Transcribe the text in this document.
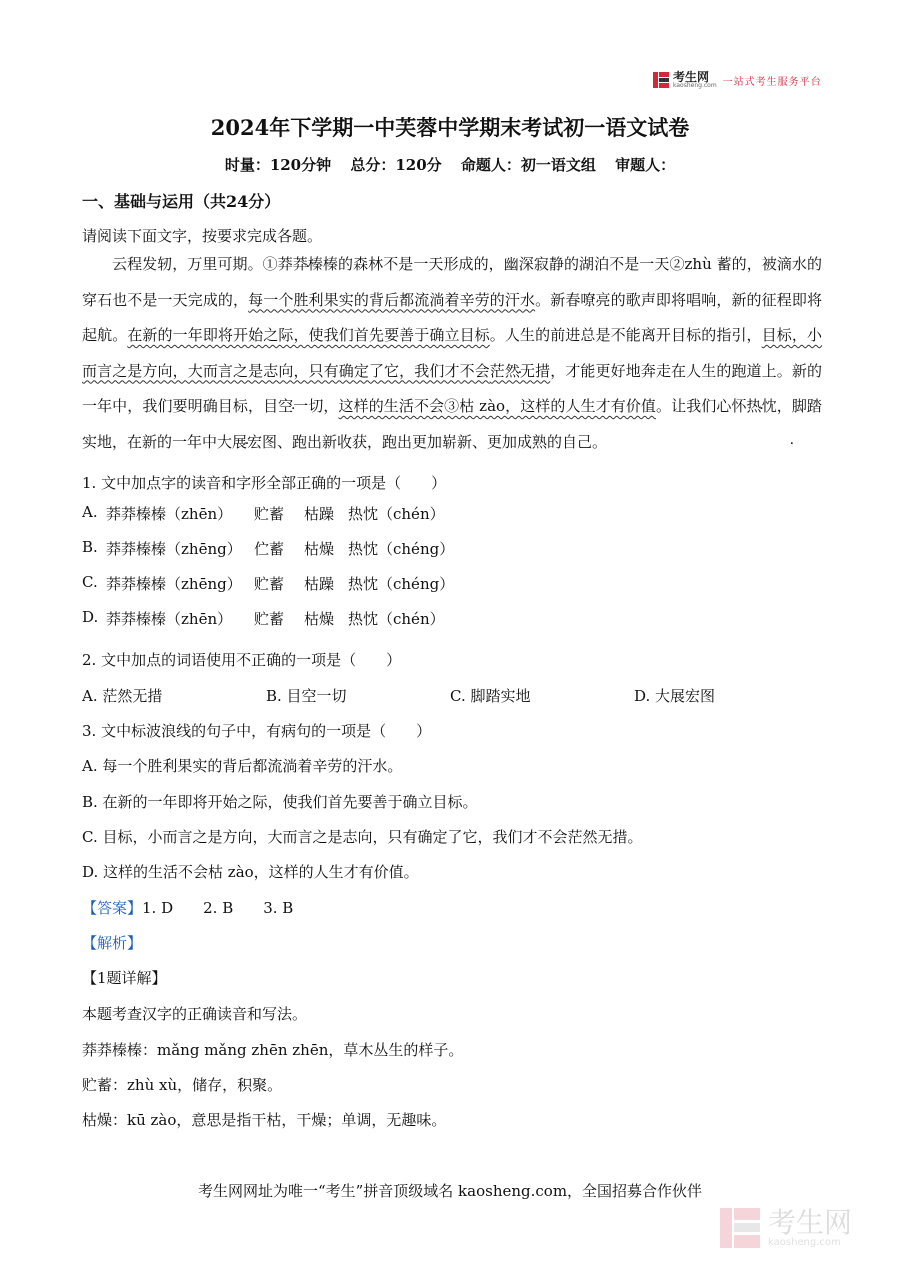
考生网
kaosheng.com 一站式考生服务平台
2024年下学期一中芙蓉中学期末考试初一语文试卷
时量：120分钟 总分：120分 命题人：初一语文组 审题人：
一、基础与运用（共24分）
请阅读下面文字，按要求完成各题。
云程发轫，万里可期。①莽莽榛榛 ·的森林不是一天形成的，幽深寂静的湖泊不是一天②zhù 蓄 ·的，被滴水的穿石也不是一天完成的，每一个胜利果实的背后都流淌着辛劳的汗水。新春嘹亮的歌声即将唱响，新的征程即将起航。在新的一年即将开始之际，使我们首先要善于确立目标。人生的前进总是不能离开目标的指引，目标，小而言之是方向，大而言之是志向，只有确定了它，我们才不会茫然无措 ·，才能更好地奔走在人生的跑道上。新的一年中，我们要明确目标，目空一切 ·，这样的生活不会③枯 zào，这样的人生才有价值。让我们心怀热忱 ·，脚踏实地，在新的一年中大展宏图 ·、跑出新收获，跑出更加崭新、更加成熟的自己。
1. 文中加点字的读音和字形全部正确的一项是（　　）
A. 莽莽榛榛（zhēn）	贮蓄	枯躁 热忱（chén）
B. 莽莽榛榛（zhēng） 伫蓄	枯燥 热忱（chéng）
C. 莽莽榛榛（zhēng） 贮蓄	枯躁 热忱（chéng）
D. 莽莽榛榛（zhēn）	贮蓄	枯燥 热忱（chén）
2. 文中加点的词语使用不正确的一项是（　　）
A. 茫然无措	B. 目空一切	C. 脚踏实地	D. 大展宏图
3. 文中标波浪线的句子中，有病句的一项是（　　）
A. 每一个胜利果实的背后都流淌着辛劳的汗水。
B. 在新的一年即将开始之际，使我们首先要善于确立目标。
C. 目标，小而言之是方向，大而言之是志向，只有确定了它，我们才不会茫然无措。
D. 这样的生活不会枯 zào，这样的人生才有价值。
【答案】1. D　　2. B　　3. B
【解析】
【1题详解】
本题考查汉字的正确读音和写法。
莽莽榛榛：mǎng mǎng zhēn zhēn，草木丛生的样子。
贮蓄：zhù xù，储存，积聚。
枯燥：kū zào，意思是指干枯，干燥；单调，无趣味。
考生网网址为唯一“考生”拼音顶级域名 kaosheng.com，全国招募合作伙伴
考生网
kaosheng.com
